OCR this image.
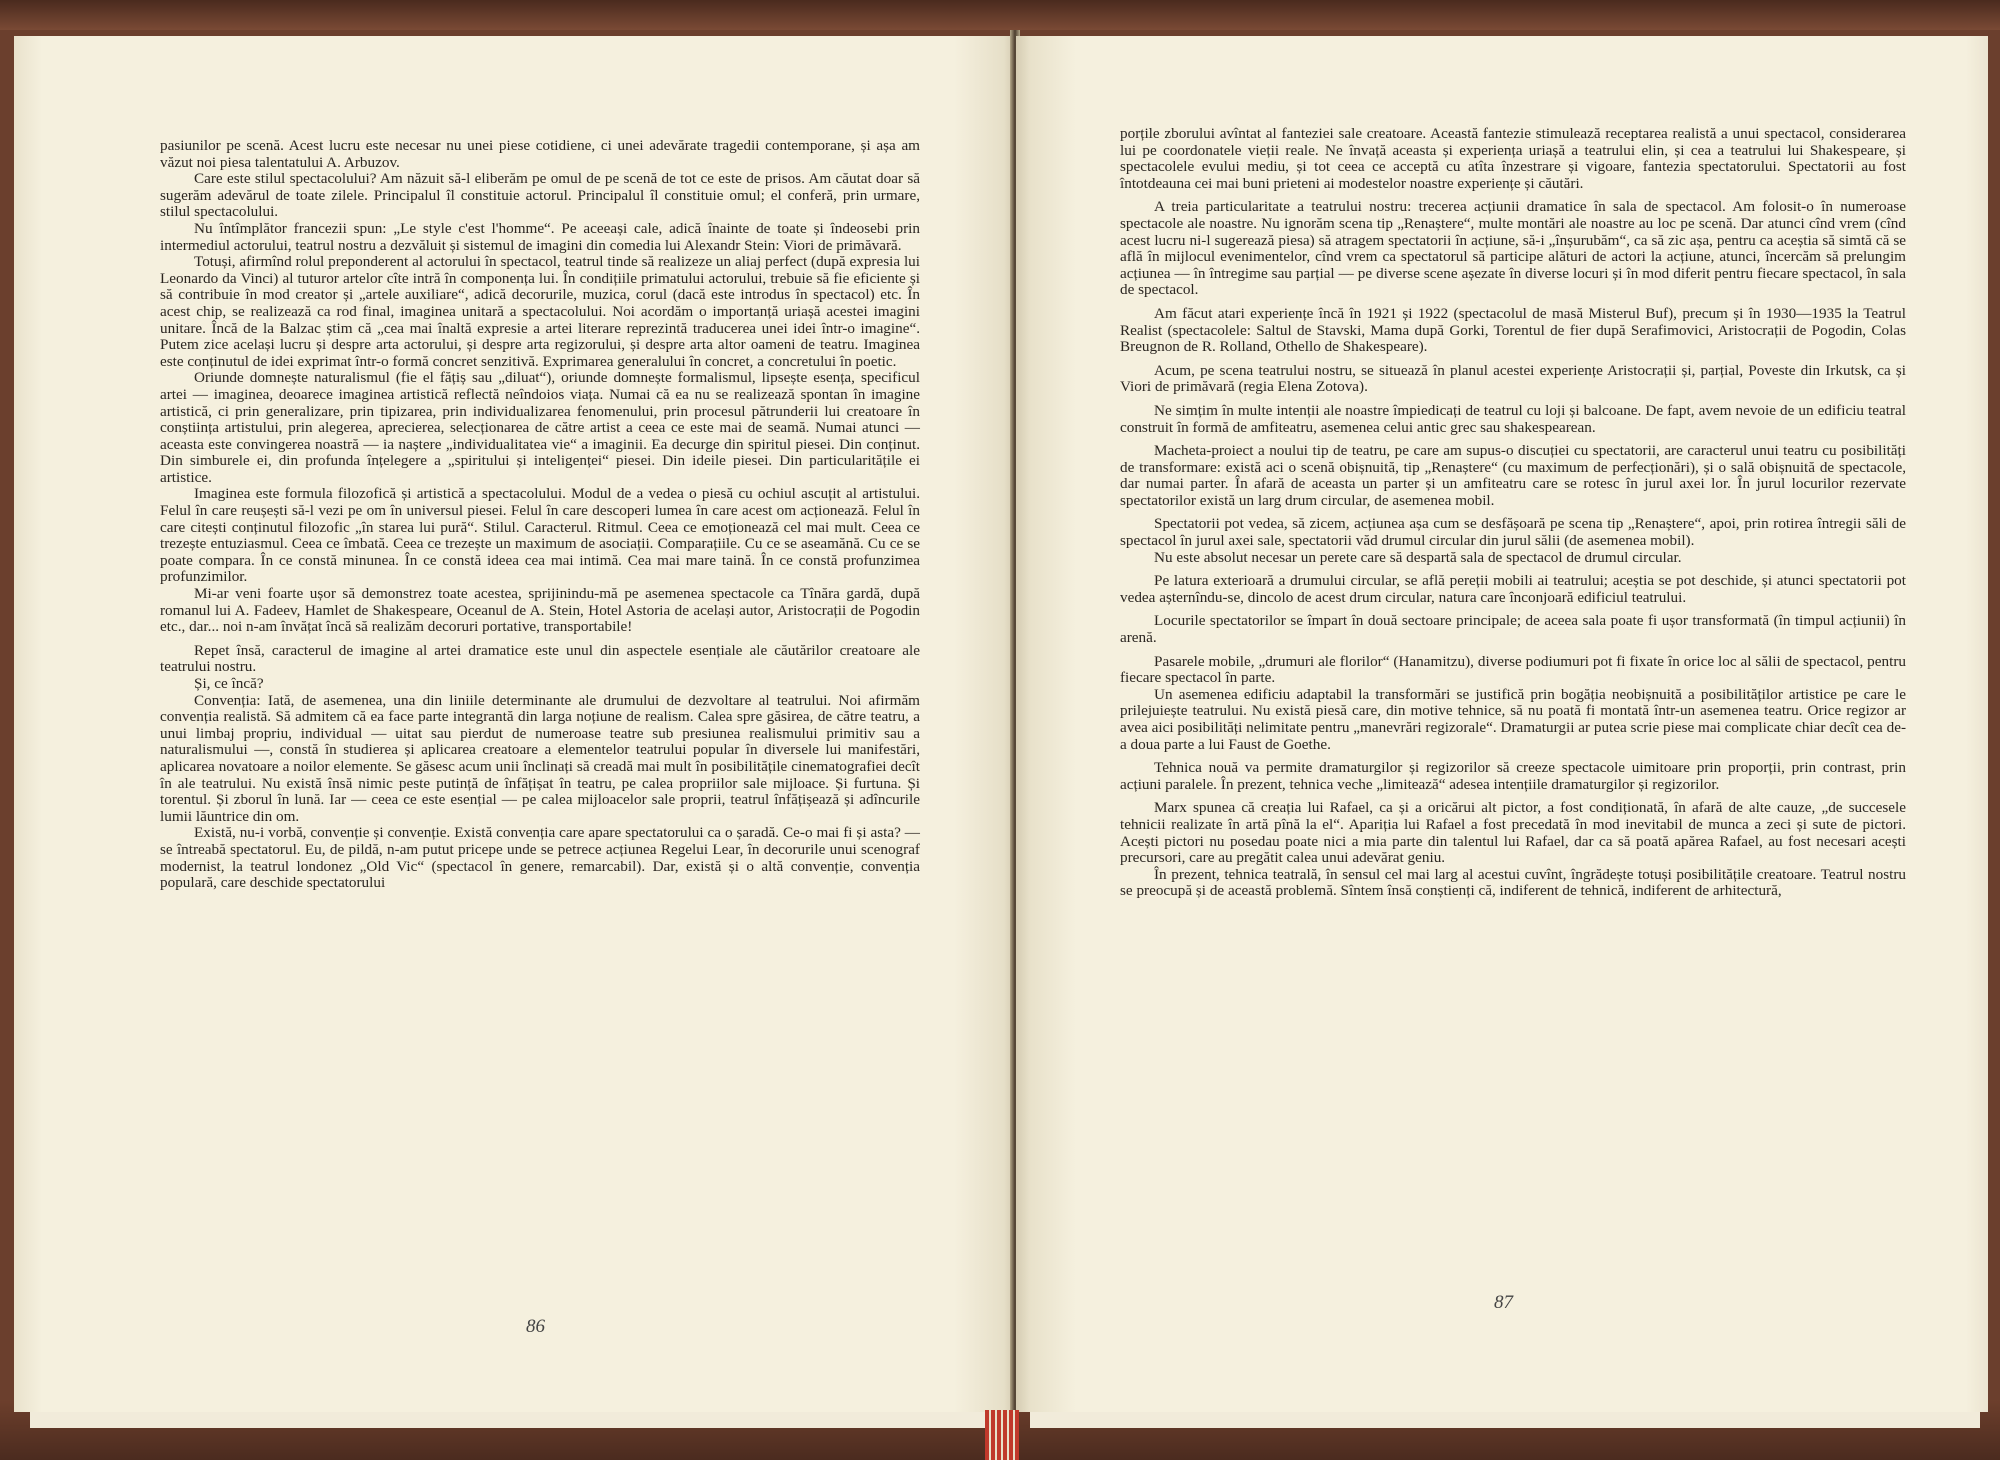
pasiunilor pe scenă. Acest lucru este necesar nu unei piese cotidiene, ci unei adevărate tragedii contemporane, și așa am văzut noi piesa talentatului A. Arbuzov.

Care este stilul spectacolului? Am năzuit să-l eliberăm pe omul de pe scenă de tot ce este de prisos. Am căutat doar să sugerăm adevărul de toate zilele. Principalul îl constituie actorul. Principalul îl constituie omul; el conferă, prin urmare, stilul spectacolului.

Nu întîmplător francezii spun: „Le style c'est l'homme“. Pe aceeași cale, adică înainte de toate și îndeosebi prin intermediul actorului, teatrul nostru a dezvăluit și sistemul de imagini din comedia lui Alexandr Stein: Viori de primăvară.

Totuși, afirmînd rolul preponderent al actorului în spectacol, teatrul tinde să realizeze un aliaj perfect (după expresia lui Leonardo da Vinci) al tuturor artelor cîte intră în componența lui. În condițiile primatului actorului, trebuie să fie eficiente și să contribuie în mod creator și „artele auxiliare“, adică decorurile, muzica, corul (dacă este introdus în spectacol) etc. În acest chip, se realizează ca rod final, imaginea unitară a spectacolului. Noi acordăm o importanță uriașă acestei imagini unitare. Încă de la Balzac știm că „cea mai înaltă expresie a artei literare reprezintă traducerea unei idei într-o imagine“. Putem zice același lucru și despre arta actorului, și despre arta regizorului, și despre arta altor oameni de teatru. Imaginea este conținutul de idei exprimat într-o formă concret senzitivă. Exprimarea generalului în concret, a concretului în poetic.

Oriunde domnește naturalismul (fie el fățiș sau „diluat“), oriunde domnește formalismul, lipsește esența, specificul artei — imaginea, deoarece imaginea artistică reflectă neîndoios viața. Numai că ea nu se realizează spontan în imagine artistică, ci prin generalizare, prin tipizarea, prin individualizarea fenomenului, prin procesul pătrunderii lui creatoare în conștiința artistului, prin alegerea, aprecierea, selecționarea de către artist a ceea ce este mai de seamă. Numai atunci — aceasta este convingerea noastră — ia naștere „individualitatea vie“ a imaginii. Ea decurge din spiritul piesei. Din conținut. Din simburele ei, din profunda înțelegere a „spiritului și inteligenței“ piesei. Din ideile piesei. Din particularitățile ei artistice.

Imaginea este formula filozofică și artistică a spectacolului. Modul de a vedea o piesă cu ochiul ascuțit al artistului. Felul în care reușești să-l vezi pe om în universul piesei. Felul în care descoperi lumea în care acest om acționează. Felul în care citești conținutul filozofic „în starea lui pură“. Stilul. Caracterul. Ritmul. Ceea ce emoționează cel mai mult. Ceea ce trezește entuziasmul. Ceea ce îmbată. Ceea ce trezește un maximum de asociații. Comparațiile. Cu ce se aseamănă. Cu ce se poate compara. În ce constă minunea. În ce constă ideea cea mai intimă. Cea mai mare taină. În ce constă profunzimea profunzimilor.

Mi-ar veni foarte ușor să demonstrez toate acestea, sprijinindu-mă pe asemenea spectacole ca Tînăra gardă, după romanul lui A. Fadeev, Hamlet de Shakespeare, Oceanul de A. Stein, Hotel Astoria de același autor, Aristocrații de Pogodin etc., dar... noi n-am învățat încă să realizăm decoruri portative, transportabile!

Repet însă, caracterul de imagine al artei dramatice este unul din aspectele esențiale ale căutărilor creatoare ale teatrului nostru.

Și, ce încă?

Convenția: Iată, de asemenea, una din liniile determinante ale drumului de dezvoltare al teatrului. Noi afirmăm convenția realistă. Să admitem că ea face parte integrantă din larga noțiune de realism. Calea spre găsirea, de către teatru, a unui limbaj propriu, individual — uitat sau pierdut de numeroase teatre sub presiunea realismului primitiv sau a naturalismului —, constă în studierea și aplicarea creatoare a elementelor teatrului popular în diversele lui manifestări, aplicarea novatoare a noilor elemente. Se găsesc acum unii înclinați să creadă mai mult în posibilitățile cinematografiei decît în ale teatrului. Nu există însă nimic peste putință de înfățișat în teatru, pe calea propriilor sale mijloace. Și furtuna. Și torentul. Și zborul în lună. Iar — ceea ce este esențial — pe calea mijloacelor sale proprii, teatrul înfățișează și adîncurile lumii lăuntrice din om.

Există, nu-i vorbă, convenție și convenție. Există convenția care apare spectatorului ca o șaradă. Ce-o mai fi și asta? — se întreabă spectatorul. Eu, de pildă, n-am putut pricepe unde se petrece acțiunea Regelui Lear, în decorurile unui scenograf modernist, la teatrul londonez „Old Vic“ (spectacol în genere, remarcabil). Dar, există și o altă convenție, convenția populară, care deschide spectatorului

86

porțile zborului avîntat al fanteziei sale creatoare. Această fantezie stimulează receptarea realistă a unui spectacol, considerarea lui pe coordonatele vieții reale. Ne învață aceasta și experiența uriașă a teatrului elin, și cea a teatrului lui Shakespeare, și spectacolele evului mediu, și tot ceea ce acceptă cu atîta înzestrare și vigoare, fantezia spectatorului. Spectatorii au fost întotdeauna cei mai buni prieteni ai modestelor noastre experiențe și căutări.

A treia particularitate a teatrului nostru: trecerea acțiunii dramatice în sala de spectacol. Am folosit-o în numeroase spectacole ale noastre. Nu ignorăm scena tip „Renaștere“, multe montări ale noastre au loc pe scenă. Dar atunci cînd vrem (cînd acest lucru ni-l sugerează piesa) să atragem spectatorii în acțiune, să-i „înșurubăm“, ca să zic așa, pentru ca aceștia să simtă că se află în mijlocul evenimentelor, cînd vrem ca spectatorul să participe alături de actori la acțiune, atunci, încercăm să prelungim acțiunea — în întregime sau parțial — pe diverse scene așezate în diverse locuri și în mod diferit pentru fiecare spectacol, în sala de spectacol.

Am făcut atari experiențe încă în 1921 și 1922 (spectacolul de masă Misterul Buf), precum și în 1930—1935 la Teatrul Realist (spectacolele: Saltul de Stavski, Mama după Gorki, Torentul de fier după Serafimovici, Aristocrații de Pogodin, Colas Breugnon de R. Rolland, Othello de Shakespeare).

Acum, pe scena teatrului nostru, se situează în planul acestei experiențe Aristocrații și, parțial, Poveste din Irkutsk, ca și Viori de primăvară (regia Elena Zotova).

Ne simțim în multe intenții ale noastre împiedicați de teatrul cu loji și balcoane. De fapt, avem nevoie de un edificiu teatral construit în formă de amfiteatru, asemenea celui antic grec sau shakespearean.

Macheta-proiect a noului tip de teatru, pe care am supus-o discuției cu spectatorii, are caracterul unui teatru cu posibilități de transformare: există aci o scenă obișnuită, tip „Renaștere“ (cu maximum de perfecționări), și o sală obișnuită de spectacole, dar numai parter. În afară de aceasta un parter și un amfiteatru care se rotesc în jurul axei lor. În jurul locurilor rezervate spectatorilor există un larg drum circular, de asemenea mobil.

Spectatorii pot vedea, să zicem, acțiunea așa cum se desfășoară pe scena tip „Renaștere“, apoi, prin rotirea întregii săli de spectacol în jurul axei sale, spectatorii văd drumul circular din jurul sălii (de asemenea mobil).

Nu este absolut necesar un perete care să despartă sala de spectacol de drumul circular.

Pe latura exterioară a drumului circular, se află pereții mobili ai teatrului; aceștia se pot deschide, și atunci spectatorii pot vedea așternîndu-se, dincolo de acest drum circular, natura care înconjoară edificiul teatrului.

Locurile spectatorilor se împart în două sectoare principale; de aceea sala poate fi ușor transformată (în timpul acțiunii) în arenă.

Pasarele mobile, „drumuri ale florilor“ (Hanamitzu), diverse podiumuri pot fi fixate în orice loc al sălii de spectacol, pentru fiecare spectacol în parte.

Un asemenea edificiu adaptabil la transformări se justifică prin bogăția neobișnuită a posibilităților artistice pe care le prilejuiește teatrului. Nu există piesă care, din motive tehnice, să nu poată fi montată într-un asemenea teatru. Orice regizor ar avea aici posibilități nelimitate pentru „manevrări regizorale“. Dramaturgii ar putea scrie piese mai complicate chiar decît cea de-a doua parte a lui Faust de Goethe.

Tehnica nouă va permite dramaturgilor și regizorilor să creeze spectacole uimitoare prin proporții, prin contrast, prin acțiuni paralele. În prezent, tehnica veche „limitează“ adesea intențiile dramaturgilor și regizorilor.

Marx spunea că creația lui Rafael, ca și a oricărui alt pictor, a fost condiționată, în afară de alte cauze, „de succesele tehnicii realizate în artă pînă la el“. Apariția lui Rafael a fost precedată în mod inevitabil de munca a zeci și sute de pictori. Acești pictori nu posedau poate nici a mia parte din talentul lui Rafael, dar ca să poată apărea Rafael, au fost necesari acești precursori, care au pregătit calea unui adevărat geniu.

În prezent, tehnica teatrală, în sensul cel mai larg al acestui cuvînt, îngrădește totuși posibilitățile creatoare. Teatrul nostru se preocupă și de această problemă. Sîntem însă conștienți că, indiferent de tehnică, indiferent de arhitectură,

87
